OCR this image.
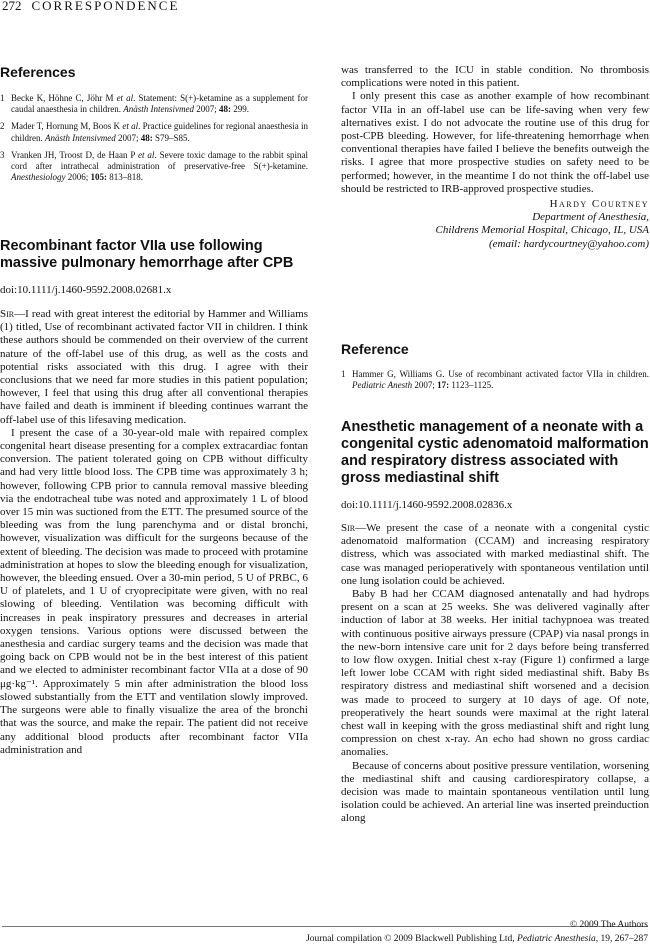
272 CORRESPONDENCE
References
1 Becke K, Höhne C, Jöhr M et al. Statement: S(+)-ketamine as a supplement for caudal anaesthesia in children. Anästh Intensivmed 2007; 48: 299.
2 Mader T, Hornung M, Boos K et al. Practice guidelines for regional anaesthesia in children. Anästh Intensivmed 2007; 48: S79–S85.
3 Vranken JH, Troost D, de Haan P et al. Severe toxic damage to the rabbit spinal cord after intrathecal administration of preservative-free S(+)-ketamine. Anesthesiology 2006; 105: 813–818.
Recombinant factor VIIa use following massive pulmonary hemorrhage after CPB
doi:10.1111/j.1460-9592.2008.02681.x

Sir—I read with great interest the editorial by Hammer and Williams (1) titled, Use of recombinant activated factor VII in children. I think these authors should be commended on their overview of the current nature of the off-label use of this drug, as well as the costs and potential risks associated with this drug. I agree with their conclusions that we need far more studies in this patient population; however, I feel that using this drug after all conventional therapies have failed and death is imminent if bleeding continues warrant the off-label use of this lifesaving medication.

I present the case of a 30-year-old male with repaired complex congenital heart disease presenting for a complex extracardiac fontan conversion. The patient tolerated going on CPB without difficulty and had very little blood loss. The CPB time was approximately 3 h; however, following CPB prior to cannula removal massive bleeding via the endotracheal tube was noted and approximately 1 L of blood over 15 min was suctioned from the ETT. The presumed source of the bleeding was from the lung parenchyma and or distal bronchi, however, visualization was difficult for the surgeons because of the extent of bleeding. The decision was made to proceed with protamine administration at hopes to slow the bleeding enough for visualization, however, the bleeding ensued. Over a 30-min period, 5 U of PRBC, 6 U of platelets, and 1 U of cryoprecipitate were given, with no real slowing of bleeding. Ventilation was becoming difficult with increases in peak inspiratory pressures and decreases in arterial oxygen tensions. Various options were discussed between the anesthesia and cardiac surgery teams and the decision was made that going back on CPB would not be in the best interest of this patient and we elected to administer recombinant factor VIIa at a dose of 90 μg·kg⁻¹. Approximately 5 min after administration the blood loss slowed substantially from the ETT and ventilation slowly improved. The surgeons were able to finally visualize the area of the bronchi that was the source, and make the repair. The patient did not receive any additional blood products after recombinant factor VIIa administration and

was transferred to the ICU in stable condition. No thrombosis complications were noted in this patient.

I only present this case as another example of how recombinant factor VIIa in an off-label use can be life-saving when very few alternatives exist. I do not advocate the routine use of this drug for post-CPB bleeding. However, for life-threatening hemorrhage when conventional therapies have failed I believe the benefits outweigh the risks. I agree that more prospective studies on safety need to be performed; however, in the meantime I do not think the off-label use should be restricted to IRB-approved prospective studies.

Hardy Courtney
Department of Anesthesia,
Childrens Memorial Hospital, Chicago, IL, USA
(email: hardycourtney@yahoo.com)
Reference
1 Hammer G, Williams G. Use of recombinant activated factor VIIa in children. Pediatric Anesth 2007; 17: 1123–1125.
Anesthetic management of a neonate with a congenital cystic adenomatoid malformation and respiratory distress associated with gross mediastinal shift
doi:10.1111/j.1460-9592.2008.02836.x

Sir—We present the case of a neonate with a congenital cystic adenomatoid malformation (CCAM) and increasing respiratory distress, which was associated with marked mediastinal shift. The case was managed perioperatively with spontaneous ventilation until one lung isolation could be achieved.

Baby B had her CCAM diagnosed antenatally and had hydrops present on a scan at 25 weeks. She was delivered vaginally after induction of labor at 38 weeks. Her initial tachypnoea was treated with continuous positive airways pressure (CPAP) via nasal prongs in the new-born intensive care unit for 2 days before being transferred to low flow oxygen. Initial chest x-ray (Figure 1) confirmed a large left lower lobe CCAM with right sided mediastinal shift. Baby Bs respiratory distress and mediastinal shift worsened and a decision was made to proceed to surgery at 10 days of age. Of note, preoperatively the heart sounds were maximal at the right lateral chest wall in keeping with the gross mediastinal shift and right lung compression on chest x-ray. An echo had shown no gross cardiac anomalies.

Because of concerns about positive pressure ventilation, worsening the mediastinal shift and causing cardiorespiratory collapse, a decision was made to maintain spontaneous ventilation until lung isolation could be achieved. An arterial line was inserted preinduction along

© 2009 The Authors
Journal compilation © 2009 Blackwell Publishing Ltd, Pediatric Anesthesia, 19, 267–287
